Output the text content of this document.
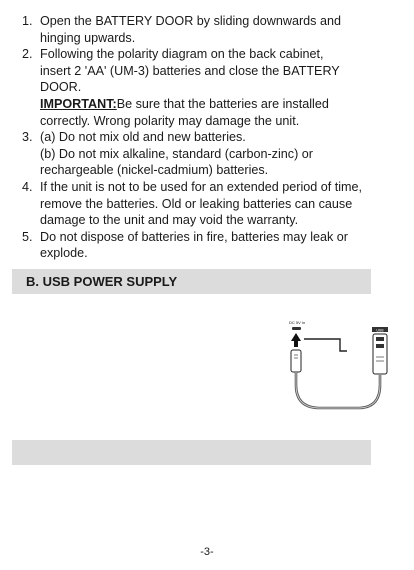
1. Open the BATTERY DOOR by sliding downwards and

hinging upwards.

2. Following the polarity diagram on the back cabinet,

insert 2 'AA' (UM-3) batteries and close the BATTERY

DOOR.

IMPORTANT:Be sure that the batteries are installed

correctly. Wrong polarity may damage the unit.

3. (a) Do not mix old and new batteries.

(b) Do not mix alkaline, standard (carbon-zinc) or

rechargeable (nickel-cadmium) batteries.

4. If the unit is not to be used for an extended period of time,

remove the batteries. Old or leaking batteries can cause

damage to the unit and may void the warranty.

5. Do not dispose of batteries in fire, batteries may leak or

explode.

B. USB POWER SUPPLY
DC 5V In
USB
-3-
